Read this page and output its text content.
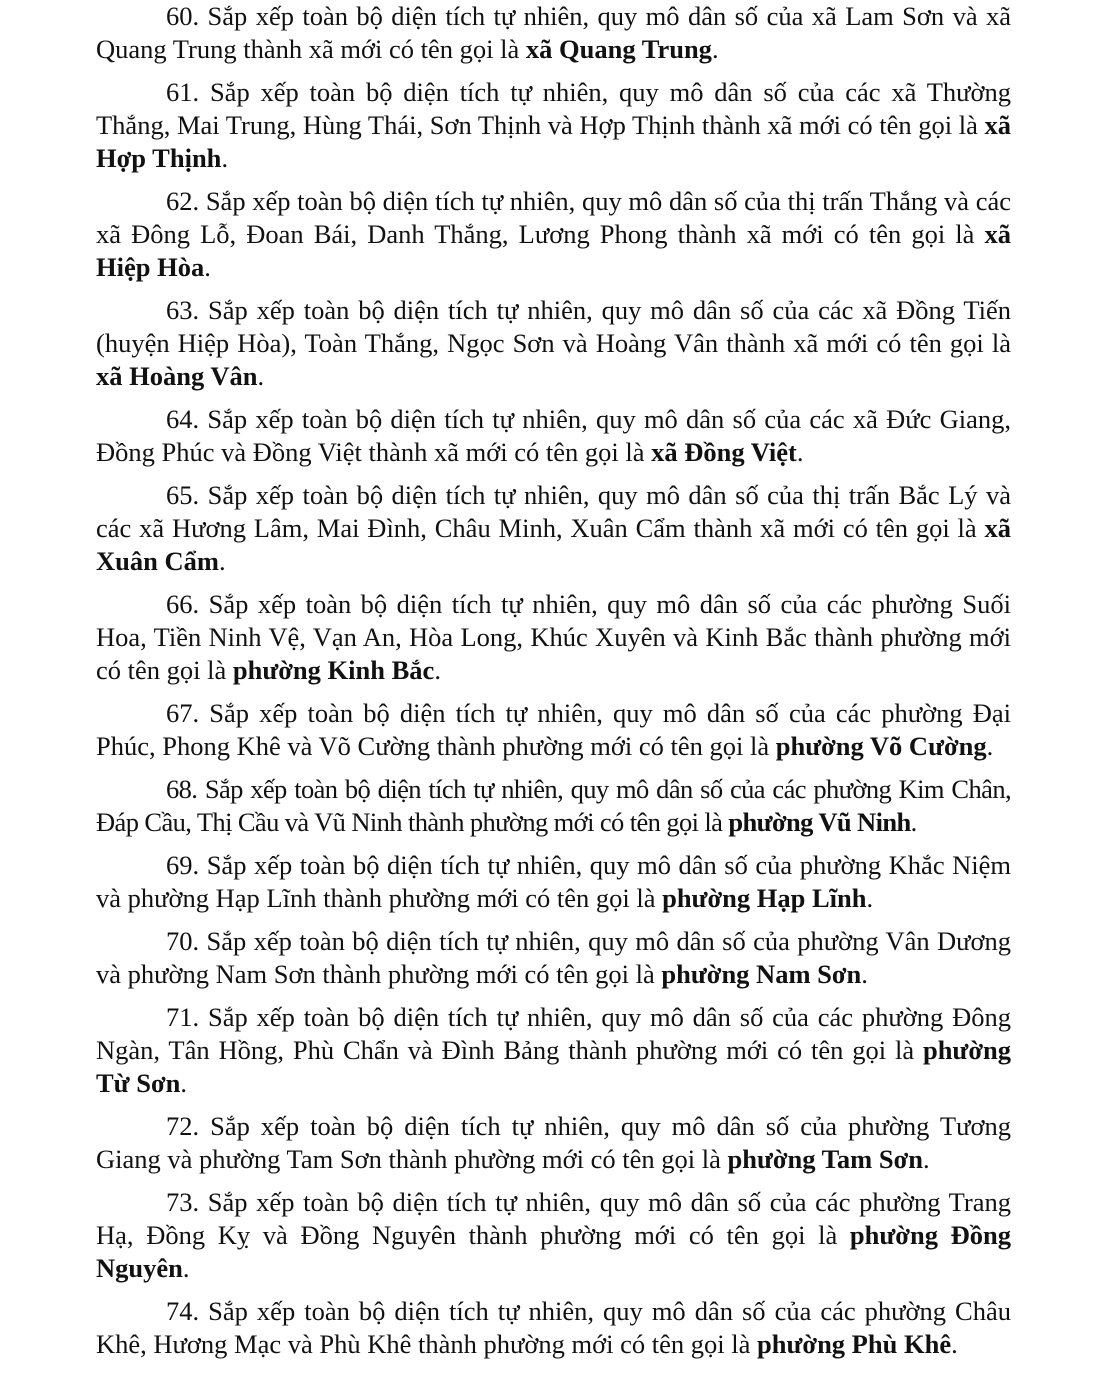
60. Sắp xếp toàn bộ diện tích tự nhiên, quy mô dân số của xã Lam Sơn và xã Quang Trung thành xã mới có tên gọi là xã Quang Trung.

61. Sắp xếp toàn bộ diện tích tự nhiên, quy mô dân số của các xã Thường Thắng, Mai Trung, Hùng Thái, Sơn Thịnh và Hợp Thịnh thành xã mới có tên gọi là xã Hợp Thịnh.

62. Sắp xếp toàn bộ diện tích tự nhiên, quy mô dân số của thị trấn Thắng và các xã Đông Lỗ, Đoan Bái, Danh Thắng, Lương Phong thành xã mới có tên gọi là xã Hiệp Hòa.

63. Sắp xếp toàn bộ diện tích tự nhiên, quy mô dân số của các xã Đồng Tiến (huyện Hiệp Hòa), Toàn Thắng, Ngọc Sơn và Hoàng Vân thành xã mới có tên gọi là xã Hoàng Vân.

64. Sắp xếp toàn bộ diện tích tự nhiên, quy mô dân số của các xã Đức Giang, Đồng Phúc và Đồng Việt thành xã mới có tên gọi là xã Đồng Việt.

65. Sắp xếp toàn bộ diện tích tự nhiên, quy mô dân số của thị trấn Bắc Lý và các xã Hương Lâm, Mai Đình, Châu Minh, Xuân Cẩm thành xã mới có tên gọi là xã Xuân Cẩm.

66. Sắp xếp toàn bộ diện tích tự nhiên, quy mô dân số của các phường Suối Hoa, Tiền Ninh Vệ, Vạn An, Hòa Long, Khúc Xuyên và Kinh Bắc thành phường mới có tên gọi là phường Kinh Bắc.

67. Sắp xếp toàn bộ diện tích tự nhiên, quy mô dân số của các phường Đại Phúc, Phong Khê và Võ Cường thành phường mới có tên gọi là phường Võ Cường.

68. Sắp xếp toàn bộ diện tích tự nhiên, quy mô dân số của các phường Kim Chân, Đáp Cầu, Thị Cầu và Vũ Ninh thành phường mới có tên gọi là phường Vũ Ninh.

69. Sắp xếp toàn bộ diện tích tự nhiên, quy mô dân số của phường Khắc Niệm và phường Hạp Lĩnh thành phường mới có tên gọi là phường Hạp Lĩnh.

70. Sắp xếp toàn bộ diện tích tự nhiên, quy mô dân số của phường Vân Dương và phường Nam Sơn thành phường mới có tên gọi là phường Nam Sơn.

71. Sắp xếp toàn bộ diện tích tự nhiên, quy mô dân số của các phường Đông Ngàn, Tân Hồng, Phù Chẩn và Đình Bảng thành phường mới có tên gọi là phường Từ Sơn.

72. Sắp xếp toàn bộ diện tích tự nhiên, quy mô dân số của phường Tương Giang và phường Tam Sơn thành phường mới có tên gọi là phường Tam Sơn.

73. Sắp xếp toàn bộ diện tích tự nhiên, quy mô dân số của các phường Trang Hạ, Đồng Kỵ và Đồng Nguyên thành phường mới có tên gọi là phường Đồng Nguyên.

74. Sắp xếp toàn bộ diện tích tự nhiên, quy mô dân số của các phường Châu Khê, Hương Mạc và Phù Khê thành phường mới có tên gọi là phường Phù Khê.
